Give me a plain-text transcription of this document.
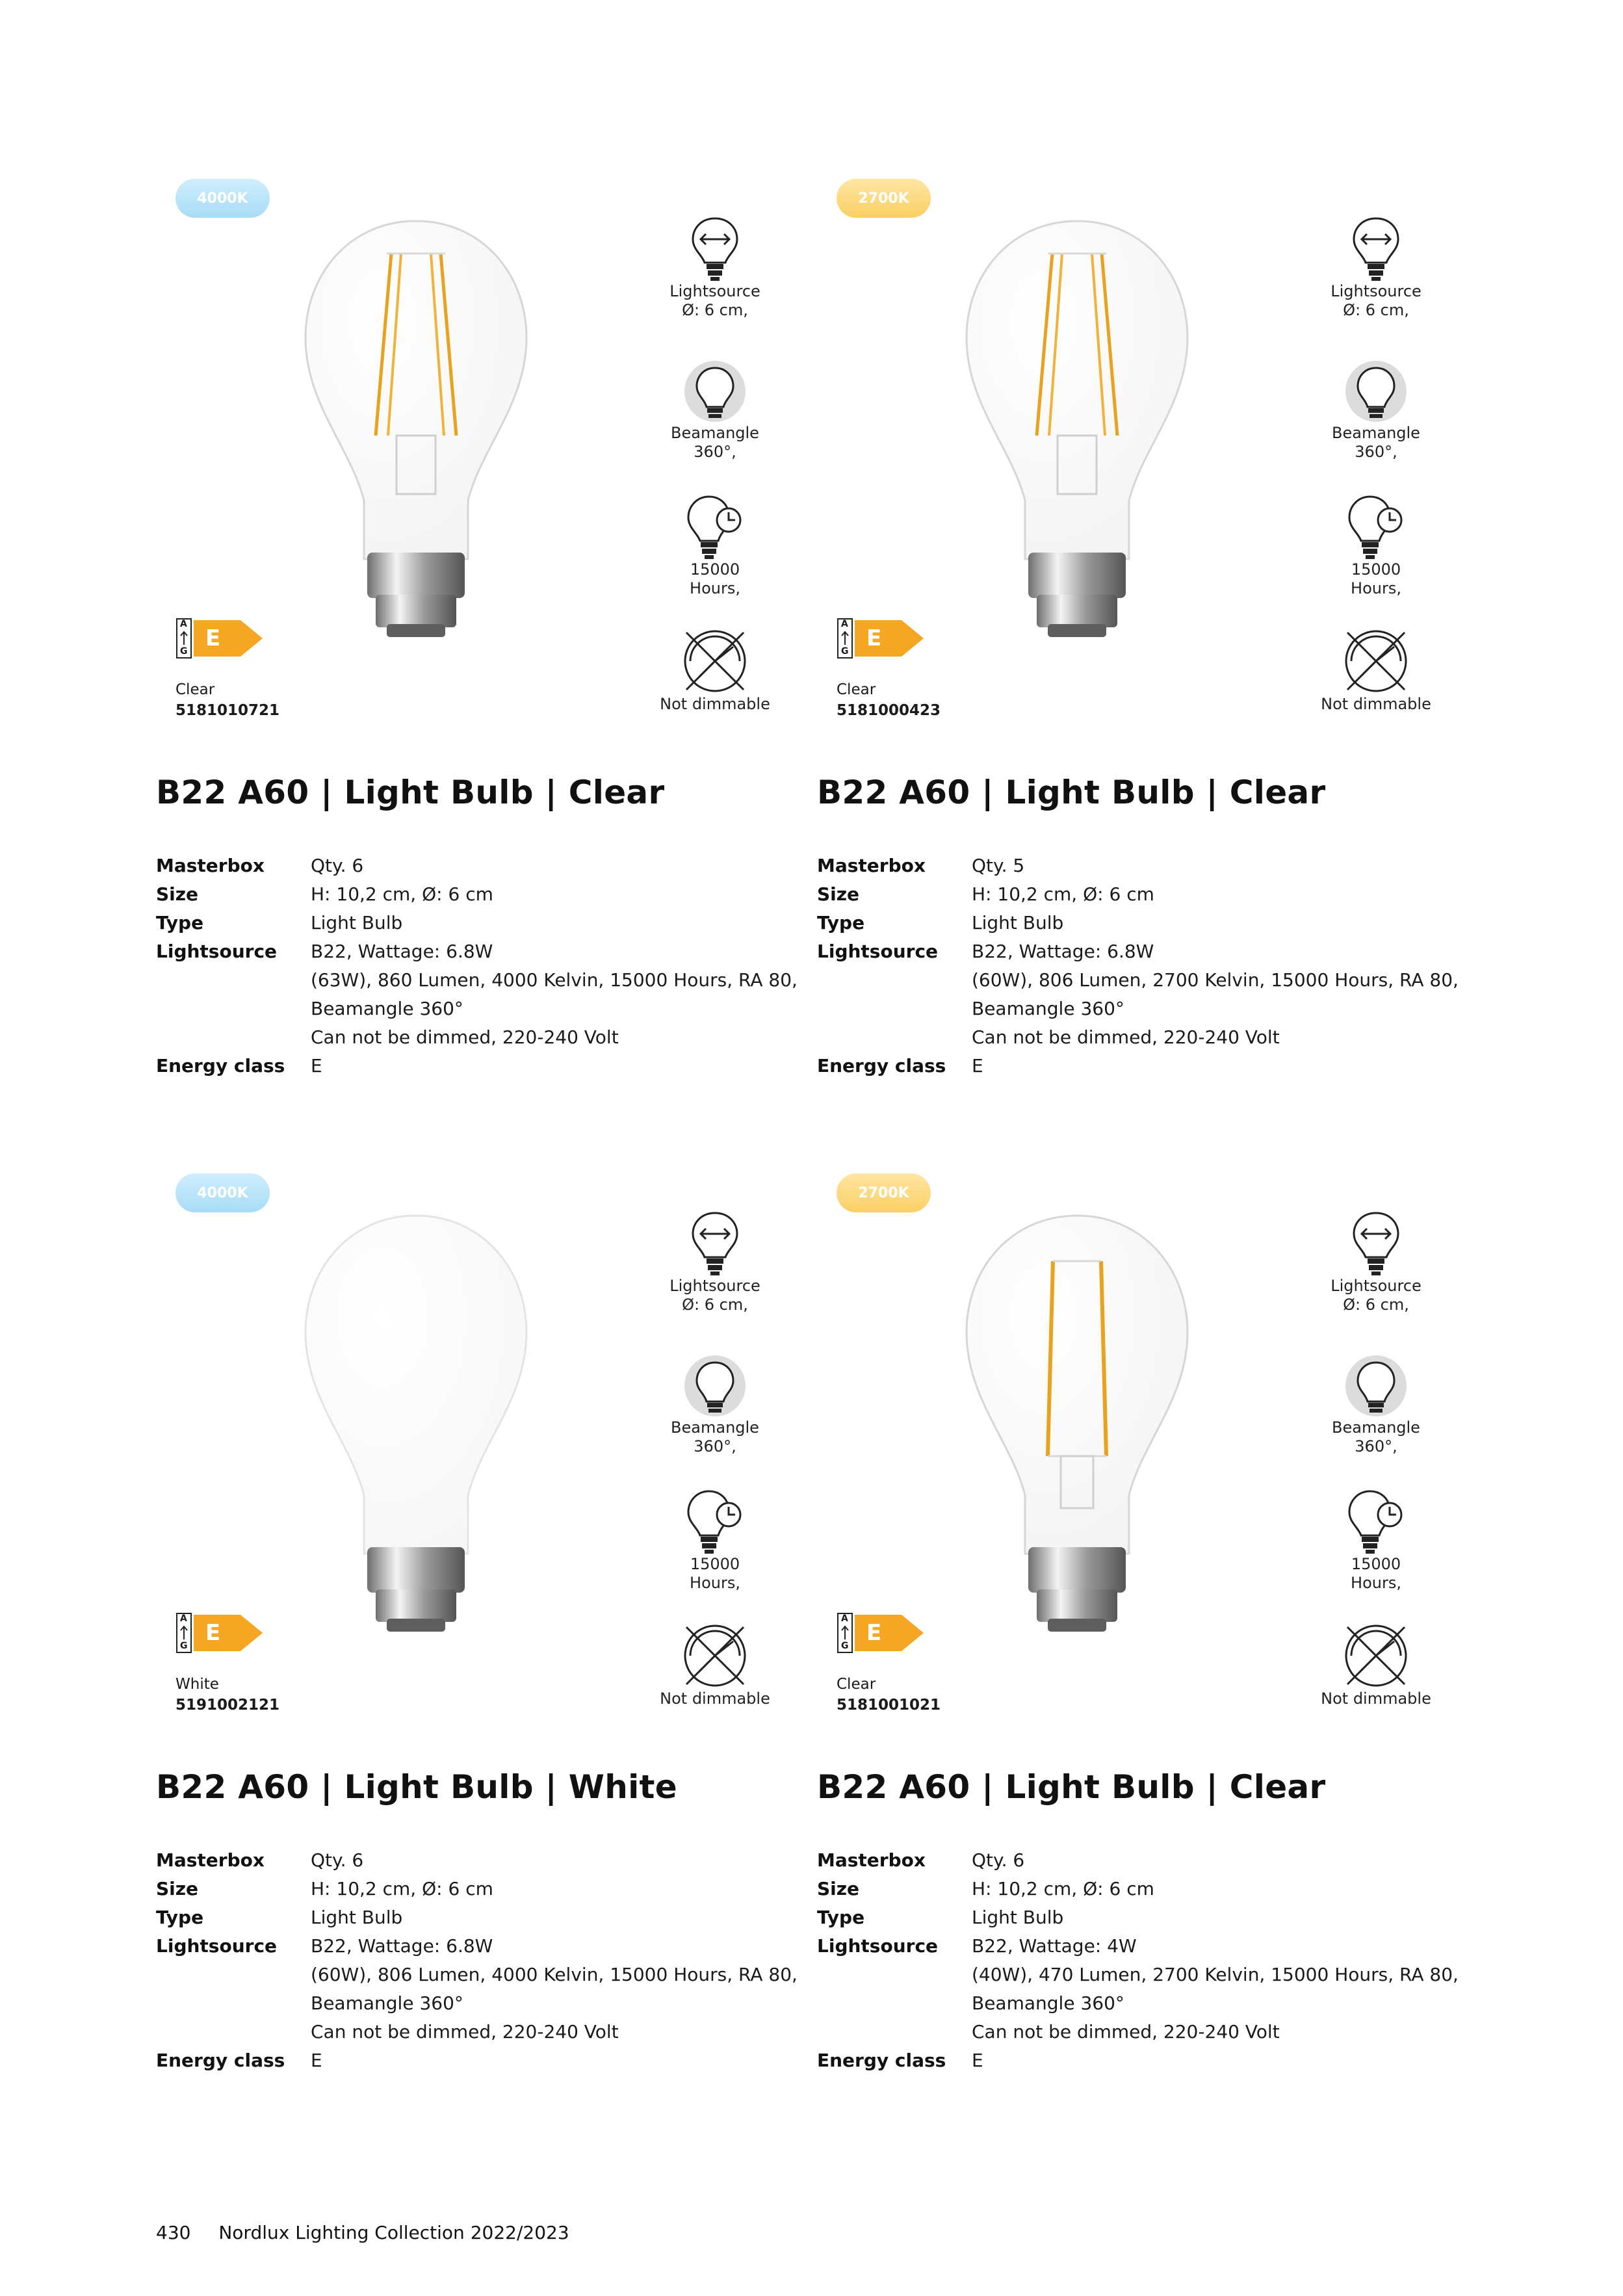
4000K
Lightsource
Ø: 6 cm,
Beamangle
360°,
15000
Hours,
Not dimmable
A
G E
Clear
5181010721
B22 A60 | Light Bulb | Clear
Masterbox	Qty. 6
Size	H: 10,2 cm, Ø: 6 cm
Type	Light Bulb
Lightsource	B22, Wattage: 6.8W
(63W), 860 Lumen, 4000 Kelvin, 15000 Hours, RA 80,
Beamangle 360°
Can not be dimmed, 220-240 Volt
Energy class	E
2700K
Lightsource
Ø: 6 cm,
Beamangle
360°,
15000
Hours,
Not dimmable
A
G E
Clear
5181000423
B22 A60 | Light Bulb | Clear
Masterbox	Qty. 5
Size	H: 10,2 cm, Ø: 6 cm
Type	Light Bulb
Lightsource	B22, Wattage: 6.8W
(60W), 806 Lumen, 2700 Kelvin, 15000 Hours, RA 80,
Beamangle 360°
Can not be dimmed, 220-240 Volt
Energy class	E
4000K
Lightsource
Ø: 6 cm,
Beamangle
360°,
15000
Hours,
Not dimmable
A
G E
White
5191002121
B22 A60 | Light Bulb | White
Masterbox	Qty. 6
Size	H: 10,2 cm, Ø: 6 cm
Type	Light Bulb
Lightsource	B22, Wattage: 6.8W
(60W), 806 Lumen, 4000 Kelvin, 15000 Hours, RA 80,
Beamangle 360°
Can not be dimmed, 220-240 Volt
Energy class	E
2700K
Lightsource
Ø: 6 cm,
Beamangle
360°,
15000
Hours,
Not dimmable
A
G E
Clear
5181001021
B22 A60 | Light Bulb | Clear
Masterbox	Qty. 6
Size	H: 10,2 cm, Ø: 6 cm
Type	Light Bulb
Lightsource	B22, Wattage: 4W
(40W), 470 Lumen, 2700 Kelvin, 15000 Hours, RA 80,
Beamangle 360°
Can not be dimmed, 220-240 Volt
Energy class	E
430 Nordlux Lighting Collection 2022/2023
